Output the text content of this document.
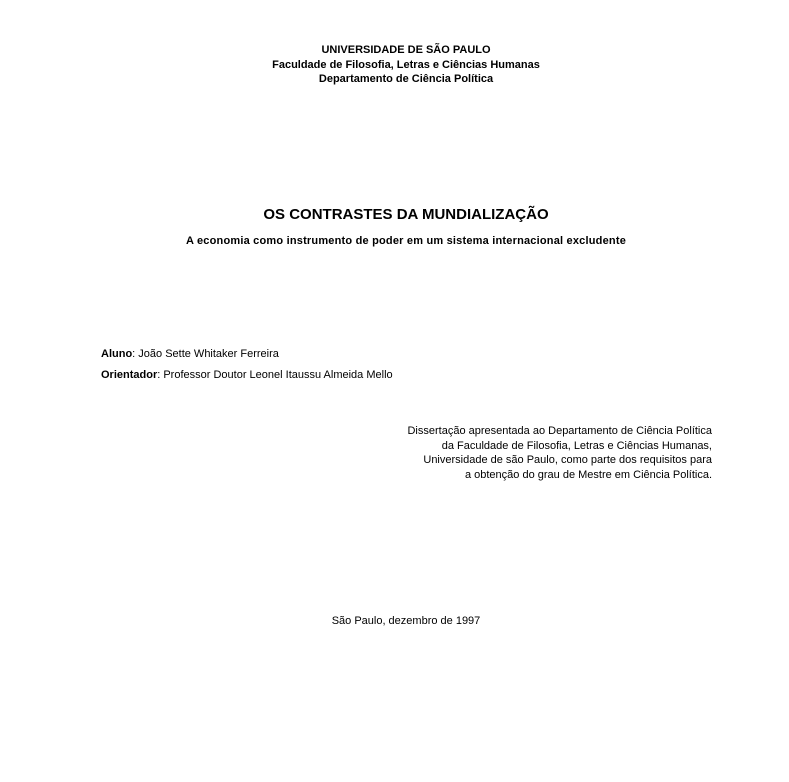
UNIVERSIDADE DE SÃO PAULO
Faculdade de Filosofia, Letras e Ciências Humanas
Departamento de Ciência Política
OS CONTRASTES DA MUNDIALIZAÇÃO
A economia como instrumento de poder em um sistema internacional excludente
Aluno: João Sette Whitaker Ferreira
Orientador: Professor Doutor Leonel Itaussu Almeida Mello
Dissertação apresentada ao Departamento de Ciência Política
da Faculdade de Filosofia, Letras e Ciências Humanas,
Universidade de são Paulo, como parte dos requisitos para
a obtenção do grau de Mestre em Ciência Política.
São Paulo, dezembro de 1997
